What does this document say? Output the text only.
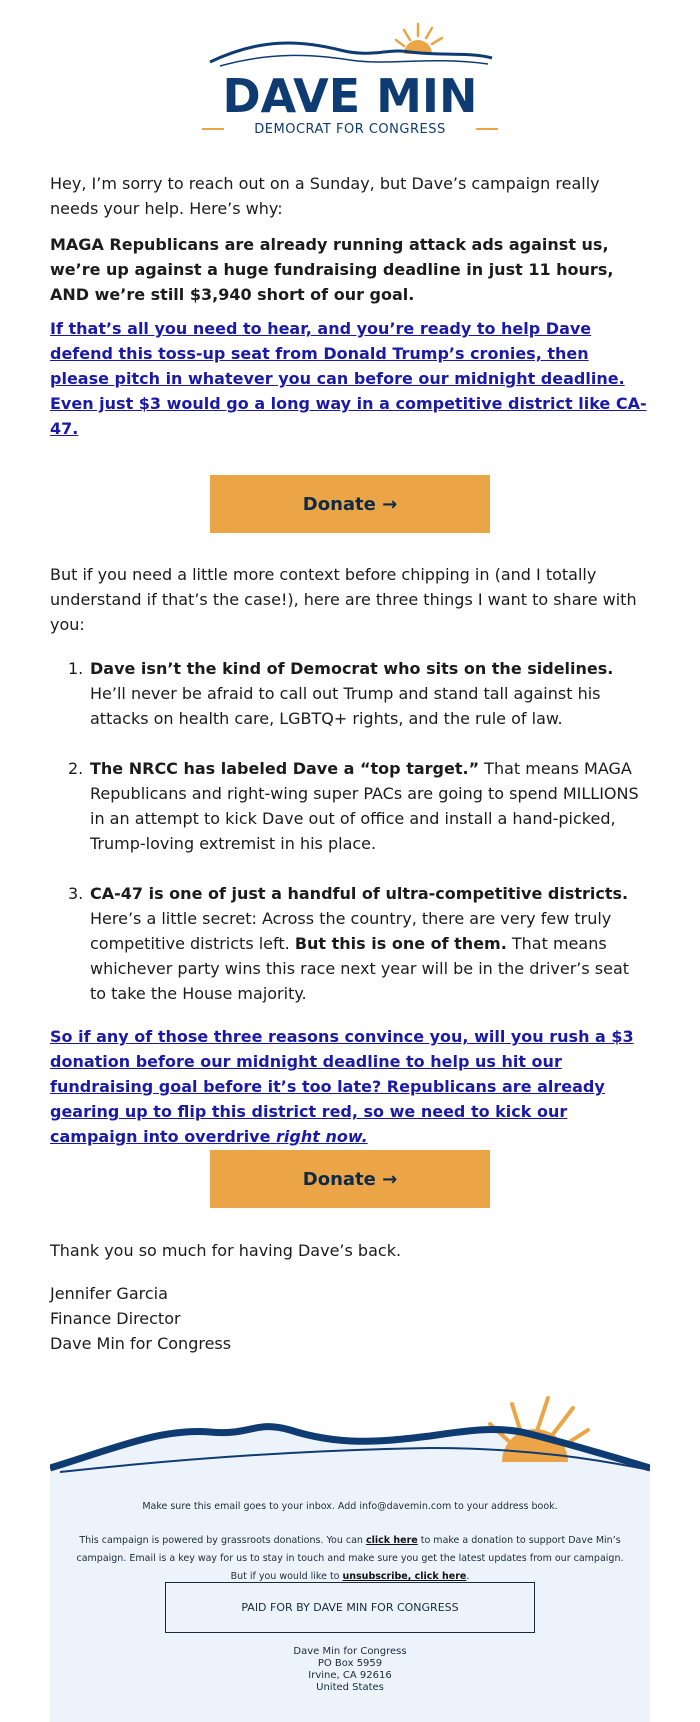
DAVE MIN
DEMOCRAT FOR CONGRESS

Hey, I’m sorry to reach out on a Sunday, but Dave’s campaign really needs your help. Here’s why:

MAGA Republicans are already running attack ads against us, we’re up against a huge fundraising deadline in just 11 hours, AND we’re still $3,940 short of our goal.

If that’s all you need to hear, and you’re ready to help Dave defend this toss-up seat from Donald Trump’s cronies, then please pitch in whatever you can before our midnight deadline. Even just $3 would go a long way in a competitive district like CA-47.

Donate →

But if you need a little more context before chipping in (and I totally understand if that’s the case!), here are three things I want to share with you:

1. Dave isn’t the kind of Democrat who sits on the sidelines. He’ll never be afraid to call out Trump and stand tall against his attacks on health care, LGBTQ+ rights, and the rule of law.
2. The NRCC has labeled Dave a “top target.” That means MAGA Republicans and right-wing super PACs are going to spend MILLIONS in an attempt to kick Dave out of office and install a hand-picked, Trump-loving extremist in his place.
3. CA-47 is one of just a handful of ultra-competitive districts. Here’s a little secret: Across the country, there are very few truly competitive districts left. But this is one of them. That means whichever party wins this race next year will be in the driver’s seat to take the House majority.

So if any of those three reasons convince you, will you rush a $3 donation before our midnight deadline to help us hit our fundraising goal before it’s too late? Republicans are already gearing up to flip this district red, so we need to kick our campaign into overdrive right now.

Donate →

Thank you so much for having Dave’s back.

Jennifer Garcia
Finance Director
Dave Min for Congress
Make sure this email goes to your inbox. Add info@davemin.com to your address book.
This campaign is powered by grassroots donations. You can click here to make a donation to support Dave Min’s campaign. Email is a key way for us to stay in touch and make sure you get the latest updates from our campaign. But if you would like to unsubscribe, click here.
PAID FOR BY DAVE MIN FOR CONGRESS
Dave Min for Congress
PO Box 5959
Irvine, CA 92616
United States
